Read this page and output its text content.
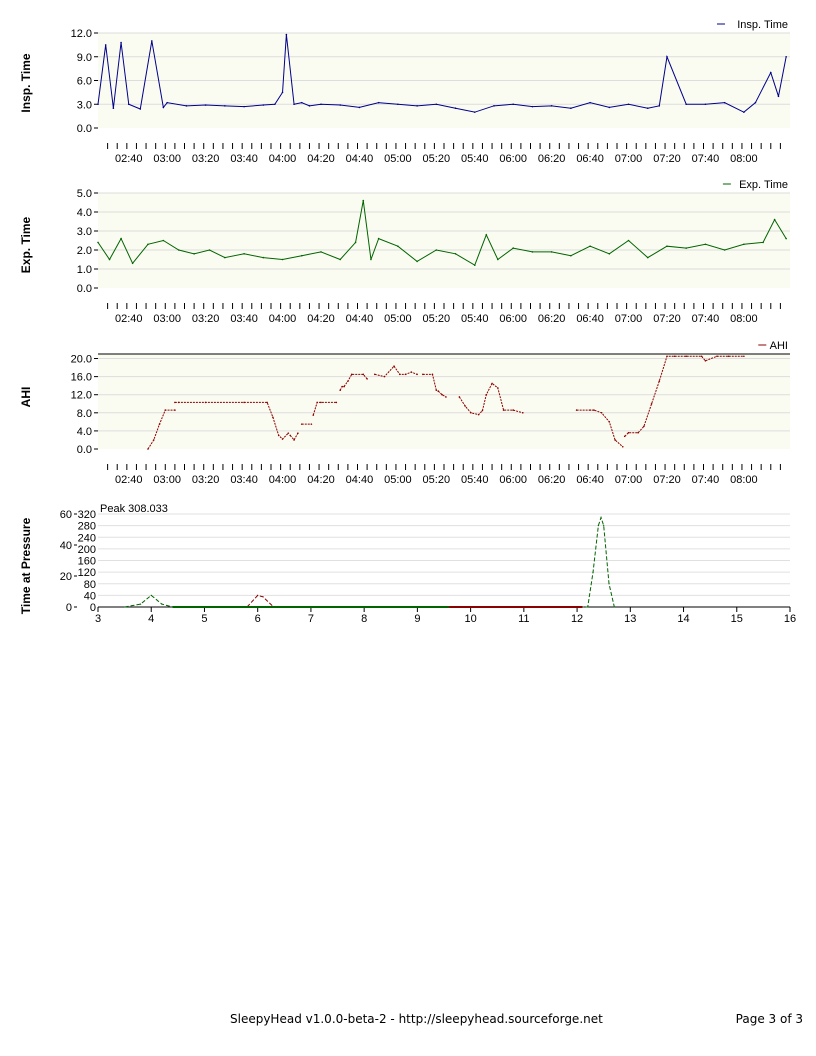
0.0
3.0
6.0
9.0
12.0
02:40 03:00 03:20 03:40 04:00 04:20 04:40 05:00 05:20 05:40 06:00 06:20 06:40 07:00 07:20 07:40 08:00
Insp. Time
Insp. Time
0.0
1.0
2.0
3.0
4.0
5.0
02:40 03:00 03:20 03:40 04:00 04:20 04:40 05:00 05:20 05:40 06:00 06:20 06:40 07:00 07:20 07:40 08:00
Exp. Time
Exp. Time
0.0
4.0
8.0
12.0
16.0
20.0
02:40 03:00 03:20 03:40 04:00 04:20 04:40 05:00 05:20 05:40 06:00 06:20 06:40 07:00 07:20 07:40 08:00
AHI
AHI
0
40
80
120
160
200
240
280
320
0
20
40
60
3	4	5	6	7	8	9	10	11	12	13	14	15	16
Peak 308.033
Time at Pressure
SleepyHead v1.0.0-beta-2 - http://sleepyhead.sourceforge.net	Page 3 of 3
